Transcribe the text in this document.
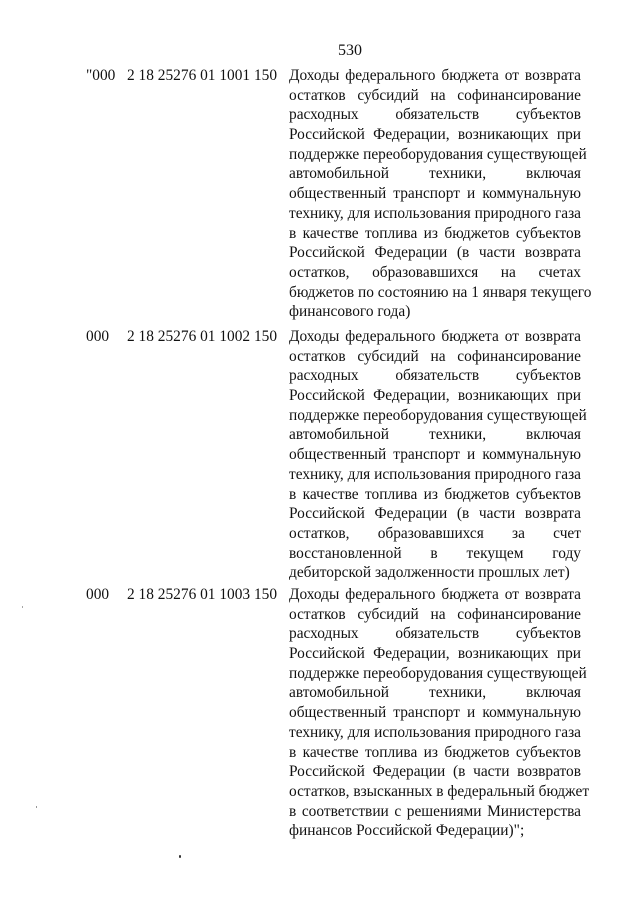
530
"000 2 18 25276 01 1001 150 Доходы федерального бюджета от возврата
остатков субсидий на софинансирование
расходных обязательств субъектов
Российской Федерации, возникающих при
поддержке переоборудования существующей
автомобильной техники, включая
общественный транспорт и коммунальную
технику, для использования природного газа
в качестве топлива из бюджетов субъектов
Российской Федерации (в части возврата
остатков, образовавшихся на счетах
бюджетов по состоянию на 1 января текущего
финансового года)
000 2 18 25276 01 1002 150 Доходы федерального бюджета от возврата
остатков субсидий на софинансирование
расходных обязательств субъектов
Российской Федерации, возникающих при
поддержке переоборудования существующей
автомобильной техники, включая
общественный транспорт и коммунальную
технику, для использования природного газа
в качестве топлива из бюджетов субъектов
Российской Федерации (в части возврата
остатков, образовавшихся за счет
восстановленной в текущем году
дебиторской задолженности прошлых лет)
000 2 18 25276 01 1003 150 Доходы федерального бюджета от возврата
остатков субсидий на софинансирование
расходных обязательств субъектов
Российской Федерации, возникающих при
поддержке переоборудования существующей
автомобильной техники, включая
общественный транспорт и коммунальную
технику, для использования природного газа
в качестве топлива из бюджетов субъектов
Российской Федерации (в части возвратов
остатков, взысканных в федеральный бюджет
в соответствии с решениями Министерства
финансов Российской Федерации)";
